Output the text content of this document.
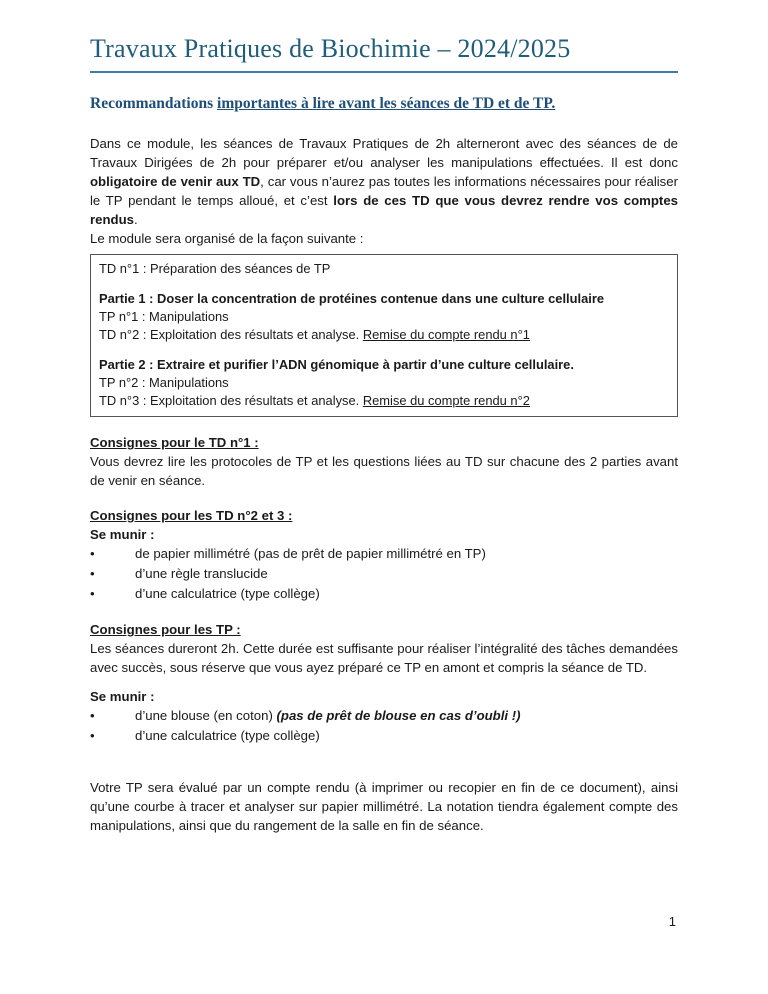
Travaux Pratiques de Biochimie – 2024/2025
Recommandations importantes à lire avant les séances de TD et de TP.

Dans ce module, les séances de Travaux Pratiques de 2h alterneront avec des séances de de Travaux Dirigées de 2h pour préparer et/ou analyser les manipulations effectuées. Il est donc obligatoire de venir aux TD, car vous n’aurez pas toutes les informations nécessaires pour réaliser le TP pendant le temps alloué, et c’est lors de ces TD que vous devrez rendre vos comptes rendus.

Le module sera organisé de la façon suivante :

TD n°1 : Préparation des séances de TP
Partie 1 : Doser la concentration de protéines contenue dans une culture cellulaire
TP n°1 : Manipulations
TD n°2 : Exploitation des résultats et analyse. Remise du compte rendu n°1
Partie 2 : Extraire et purifier l’ADN génomique à partir d’une culture cellulaire.
TP n°2 : Manipulations
TD n°3 : Exploitation des résultats et analyse. Remise du compte rendu n°2

Consignes pour le TD n°1 :

Vous devrez lire les protocoles de TP et les questions liées au TD sur chacune des 2 parties avant de venir en séance.

Consignes pour les TD n°2 et 3 :

Se munir :

•	de papier millimétré (pas de prêt de papier millimétré en TP)
•	d’une règle translucide
•	d’une calculatrice (type collège)

Consignes pour les TP :

Les séances dureront 2h. Cette durée est suffisante pour réaliser l’intégralité des tâches demandées avec succès, sous réserve que vous ayez préparé ce TP en amont et compris la séance de TD.

Se munir :

•	d’une blouse (en coton) (pas de prêt de blouse en cas d’oubli !)
•	d’une calculatrice (type collège)

Votre TP sera évalué par un compte rendu (à imprimer ou recopier en fin de ce document), ainsi qu’une courbe à tracer et analyser sur papier millimétré. La notation tiendra également compte des manipulations, ainsi que du rangement de la salle en fin de séance.

1
